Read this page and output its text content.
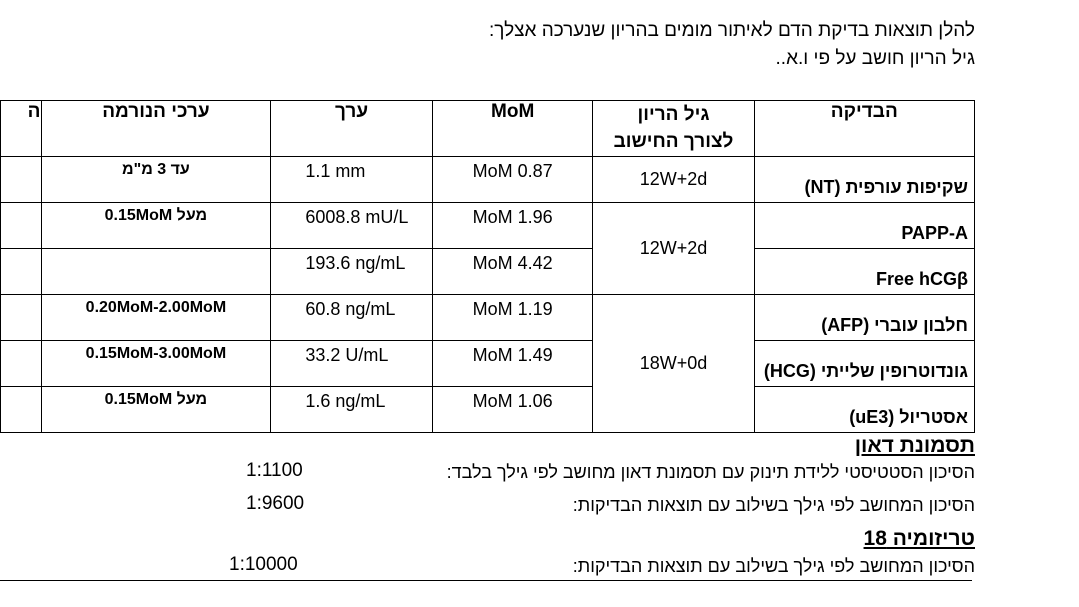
להלן תוצאות בדיקת הדם לאיתור מומים בהריון שנערכה אצלך:
גיל הריון חושב על פי ו.א..
הבדיקה	גיל הריון
לצורך החישוב	MoM	ערך	ערכי הנורמה	ה
שקיפות עורפית (NT)	12W+2d	0.87 MoM	1.1 mm	עד 3 מ"מ	
PAPP-A	12W+2d	1.96 MoM	6008.8 mU/L	מעל 0.15MoM	
Free hCGβ		4.42 MoM	193.6 ng/mL		
חלבון עוברי (AFP)	18W+0d	1.19 MoM	60.8 ng/mL	0.20MoM-2.00MoM	
גונדוטרופין שלייתי (HCG)		1.49 MoM	33.2 U/mL	0.15MoM-3.00MoM	
אסטריול (uE3)		1.06 MoM	1.6 ng/mL	מעל 0.15MoM	
תסמונת דאון
הסיכון הסטטיסטי ללידת תינוק עם תסמונת דאון מחושב לפי גילך בלבד:
1:1100
הסיכון המחושב לפי גילך בשילוב עם תוצאות הבדיקות:
1:9600
טריזומיה 18
הסיכון המחושב לפי גילך בשילוב עם תוצאות הבדיקות:
1:10000
